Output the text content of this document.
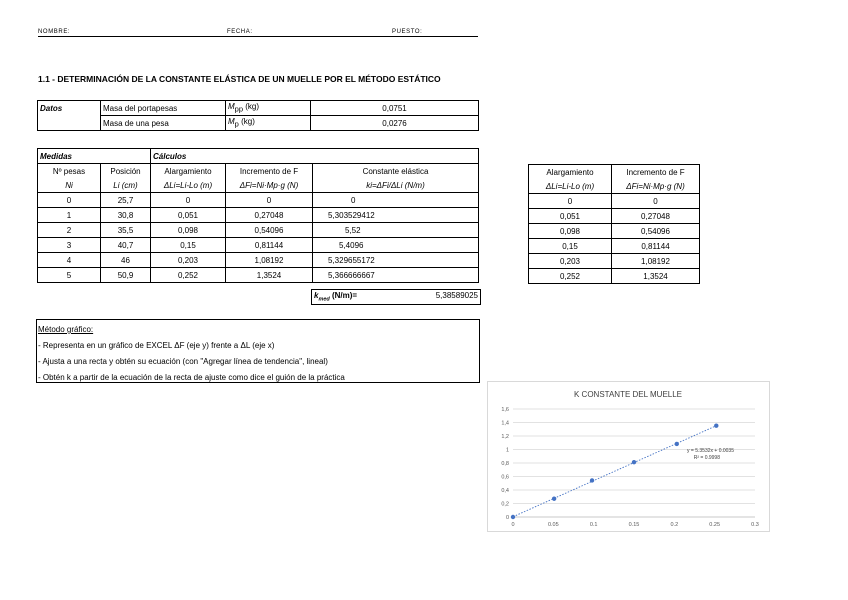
NOMBRE:	FECHA:	PUESTO:
1.1 - DETERMINACIÓN DE LA CONSTANTE ELÁSTICA DE UN MUELLE POR EL MÉTODO ESTÁTICO
Datos	Masa del portapesas	$M_{pp}$ (kg)	0,0751
	Masa de una pesa	$M_p$ (kg)	0,0276
Medidas		Cálculos		
Nº pesas	Posición	Alargamiento	Incremento de F	Constante elástica
Ni	Li (cm)	ΔLi=Li-Lo (m)	ΔFi=Ni·Mp·g (N)	ki=ΔFi/ΔLi (N/m)
0	25,7	0	0	0
1	30,8	0,051	0,27048	5,303529412
2	35,5	0,098	0,54096	5,52
3	40,7	0,15	0,81144	5,4096
4	46	0,203	1,08192	5,329655172
5	50,9	0,252	1,3524	5,366666667
$k_{med}$ (N/m)=	5,38589025
Alargamiento	Incremento de F
ΔLi=Li-Lo (m)	ΔFi=Ni·Mp·g (N)
0	0
0,051	0,27048
0,098	0,54096
0,15	0,81144
0,203	1,08192
0,252	1,3524
Método gráfico:
- Representa en un gráfico de EXCEL ΔF (eje y) frente a ΔL (eje x)
- Ajusta a una recta y obtén su ecuación (con "Agregar línea de tendencia", lineal)
- Obtén k a partir de la ecuación de la recta de ajuste como dice el guión de la práctica
K CONSTANTE DEL MUELLE
0
0,2
0,4
0,6
0,8
1
1,2
1,4
1,6
0	0.05	0.1	0.15	0.2	0.25	0.3
y = 5.3532x + 0.0035
R² = 0.9998
